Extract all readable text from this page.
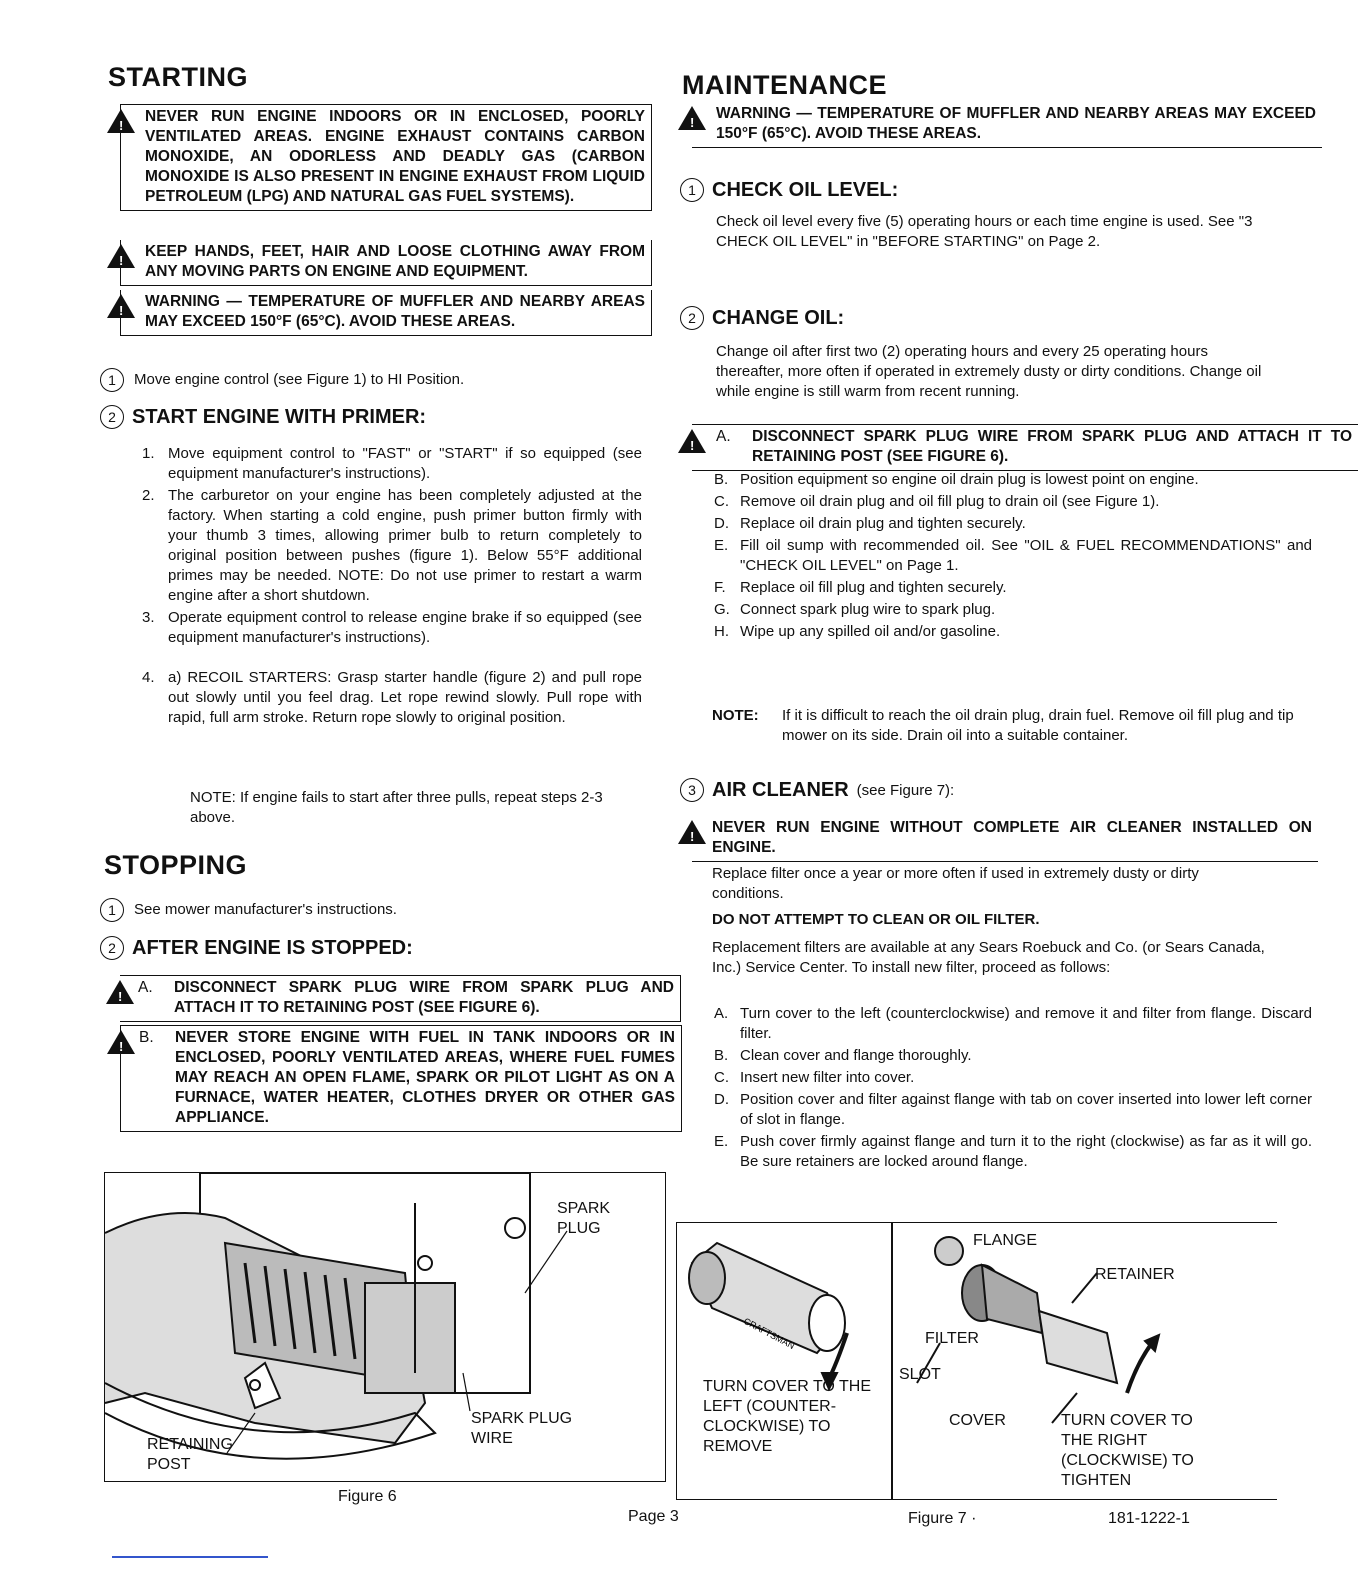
STARTING
!
NEVER RUN ENGINE INDOORS OR IN ENCLOSED, POORLY VENTILATED AREAS. ENGINE EXHAUST CONTAINS CARBON MONOXIDE, AN ODORLESS AND DEADLY GAS (CARBON MONOXIDE IS ALSO PRESENT IN ENGINE EXHAUST FROM LIQUID PETROLEUM (LPG) AND NATURAL GAS FUEL SYSTEMS).
!
KEEP HANDS, FEET, HAIR AND LOOSE CLOTHING AWAY FROM ANY MOVING PARTS ON ENGINE AND EQUIPMENT.
!
WARNING — TEMPERATURE OF MUFFLER AND NEARBY AREAS MAY EXCEED 150°F (65°C). AVOID THESE AREAS.
1	Move engine control (see Figure 1) to HI Position.
2 START ENGINE WITH PRIMER:
1. Move equipment control to "FAST" or "START" if so equipped (see equipment manufacturer's instructions).
2. The carburetor on your engine has been completely adjusted at the factory. When starting a cold engine, push primer button firmly with your thumb 3 times, allowing primer bulb to return completely to original position between pushes (figure 1). Below 55°F additional primes may be needed. NOTE: Do not use primer to restart a warm engine after a short shutdown.
3. Operate equipment control to release engine brake if so equipped (see equipment manufacturer's instructions).
4. a) RECOIL STARTERS: Grasp starter handle (figure 2) and pull rope out slowly until you feel drag. Let rope rewind slowly. Pull rope with rapid, full arm stroke. Return rope slowly to original position.
NOTE: If engine fails to start after three pulls, repeat steps 2-3 above.
STOPPING
1	See mower manufacturer's instructions.
2 AFTER ENGINE IS STOPPED:
!
A. DISCONNECT SPARK PLUG WIRE FROM SPARK PLUG AND ATTACH IT TO RETAINING POST (SEE FIGURE 6).
!
B. NEVER STORE ENGINE WITH FUEL IN TANK INDOORS OR IN ENCLOSED, POORLY VENTILATED AREAS, WHERE FUEL FUMES MAY REACH AN OPEN FLAME, SPARK OR PILOT LIGHT AS ON A FURNACE, WATER HEATER, CLOTHES DRYER OR OTHER GAS APPLIANCE.
SPARK PLUG
SPARK PLUG WIRE
RETAINING POST
Figure 6
MAINTENANCE
!
WARNING — TEMPERATURE OF MUFFLER AND NEARBY AREAS MAY EXCEED 150°F (65°C). AVOID THESE AREAS.
1 CHECK OIL LEVEL:
Check oil level every five (5) operating hours or each time engine is used. See "3 CHECK OIL LEVEL" in "BEFORE STARTING" on Page 2.
2 CHANGE OIL:
Change oil after first two (2) operating hours and every 25 operating hours thereafter, more often if operated in extremely dusty or dirty conditions. Change oil while engine is still warm from recent running.
!
A. DISCONNECT SPARK PLUG WIRE FROM SPARK PLUG AND ATTACH IT TO RETAINING POST (SEE FIGURE 6).
B. Position equipment so engine oil drain plug is lowest point on engine.
C. Remove oil drain plug and oil fill plug to drain oil (see Figure 1).
D. Replace oil drain plug and tighten securely.
E. Fill oil sump with recommended oil. See "OIL & FUEL RECOMMENDATIONS" and "CHECK OIL LEVEL" on Page 1.
F. Replace oil fill plug and tighten securely.
G. Connect spark plug wire to spark plug.
H. Wipe up any spilled oil and/or gasoline.
NOTE: If it is difficult to reach the oil drain plug, drain fuel. Remove oil fill plug and tip mower on its side. Drain oil into a suitable container.
3 AIR CLEANER (see Figure 7):
!
NEVER RUN ENGINE WITHOUT COMPLETE AIR CLEANER INSTALLED ON ENGINE.
Replace filter once a year or more often if used in extremely dusty or dirty conditions.
DO NOT ATTEMPT TO CLEAN OR OIL FILTER.
Replacement filters are available at any Sears Roebuck and Co. (or Sears Canada, Inc.) Service Center. To install new filter, proceed as follows:
A. Turn cover to the left (counterclockwise) and remove it and filter from flange. Discard filter.
B. Clean cover and flange thoroughly.
C. Insert new filter into cover.
D. Position cover and filter against flange with tab on cover inserted into lower left corner of slot in flange.
E. Push cover firmly against flange and turn it to the right (clockwise) as far as it will go. Be sure retainers are locked around flange.
CRAFTSMAN
TURN COVER TO THE LEFT (COUNTER-CLOCKWISE) TO REMOVE
FLANGE
RETAINER
FILTER
SLOT
COVER	TURN COVER TO THE RIGHT (CLOCKWISE) TO TIGHTEN
Figure 7 ·	181-1222-1
Page 3
